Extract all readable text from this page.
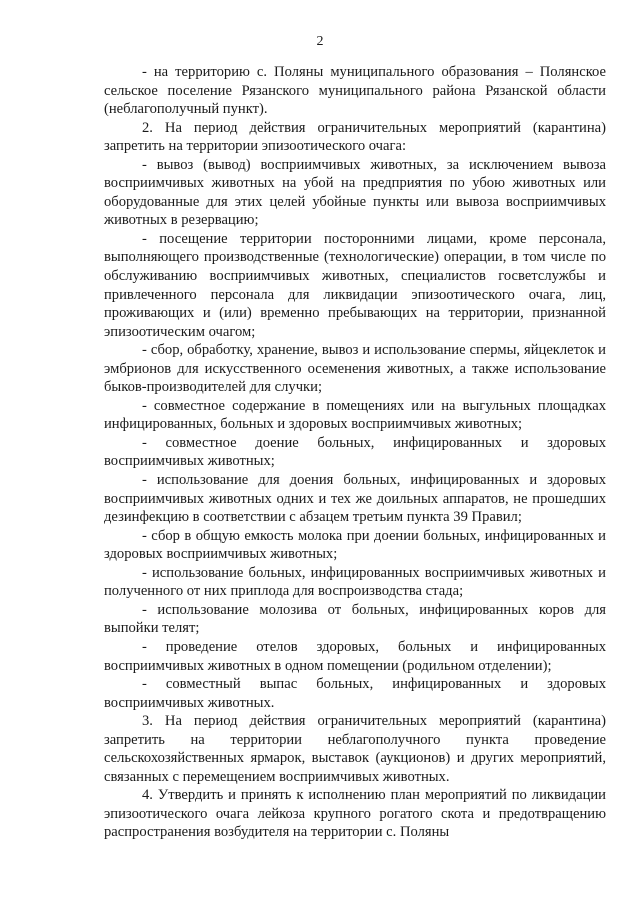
2

- на территорию с. Поляны муниципального образования – Полянское сельское поселение Рязанского муниципального района Рязанской области (неблагополучный пункт).

2. На период действия ограничительных мероприятий (карантина) запретить на территории эпизоотического очага:

- вывоз (вывод) восприимчивых животных, за исключением вывоза восприимчивых животных на убой на предприятия по убою животных или оборудованные для этих целей убойные пункты или вывоза восприимчивых животных в резервацию;

- посещение территории посторонними лицами, кроме персонала, выполняющего производственные (технологические) операции, в том числе по обслуживанию восприимчивых животных, специалистов госветслужбы и привлеченного персонала для ликвидации эпизоотического очага, лиц, проживающих и (или) временно пребывающих на территории, признанной эпизоотическим очагом;

- сбор, обработку, хранение, вывоз и использование спермы, яйцеклеток и эмбрионов для искусственного осеменения животных, а также использование быков-производителей для случки;

- совместное содержание в помещениях или на выгульных площадках инфицированных, больных и здоровых восприимчивых животных;

- совместное доение больных, инфицированных и здоровых восприимчивых животных;

- использование для доения больных, инфицированных и здоровых восприимчивых животных одних и тех же доильных аппаратов, не прошедших дезинфекцию в соответствии с абзацем третьим пункта 39 Правил;

- сбор в общую емкость молока при доении больных, инфицированных и здоровых восприимчивых животных;

- использование больных, инфицированных восприимчивых животных и полученного от них приплода для воспроизводства стада;

- использование молозива от больных, инфицированных коров для выпойки телят;

- проведение отелов здоровых, больных и инфицированных восприимчивых животных в одном помещении (родильном отделении);

- совместный выпас больных, инфицированных и здоровых восприимчивых животных.

3. На период действия ограничительных мероприятий (карантина) запретить на территории неблагополучного пункта проведение сельскохозяйственных ярмарок, выставок (аукционов) и других мероприятий, связанных с перемещением восприимчивых животных.

4. Утвердить и принять к исполнению план мероприятий по ликвидации эпизоотического очага лейкоза крупного рогатого скота и предотвращению распространения возбудителя на территории с. Поляны
